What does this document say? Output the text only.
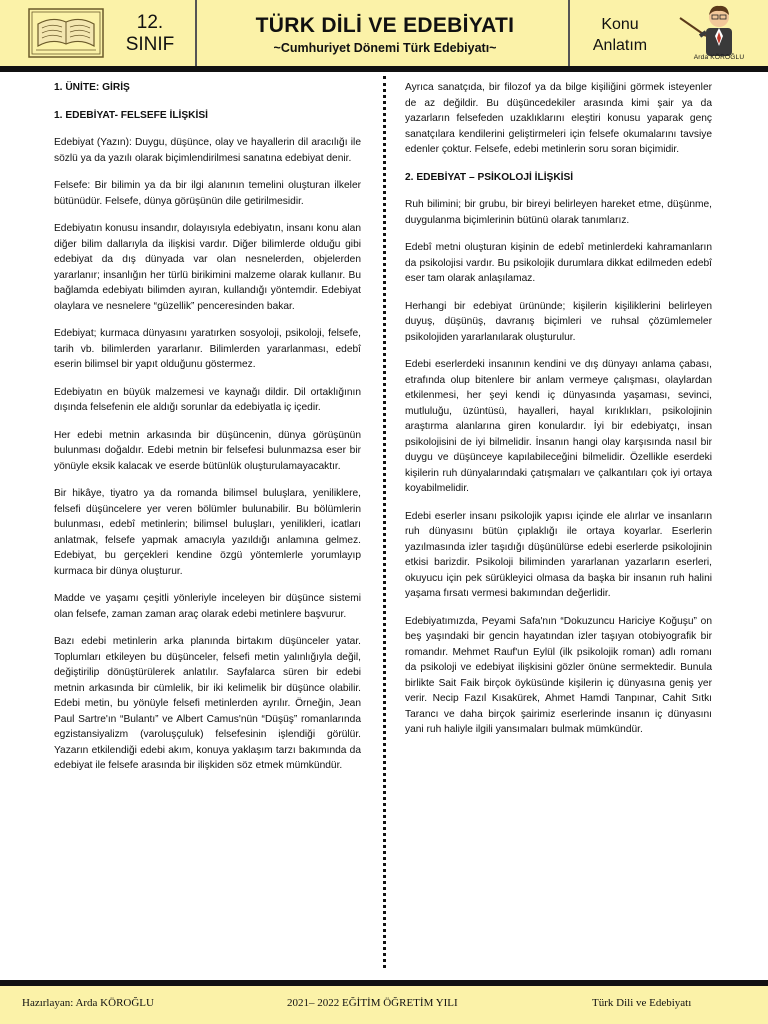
12.
SINIF
TÜRK DİLİ VE EDEBİYATI
~Cumhuriyet Dönemi Türk Edebiyatı~
Konu
Anlatım
Arda KÖROĞLU
1. ÜNİTE: GİRİŞ
1. EDEBİYAT- FELSEFE İLİŞKİSİ

Edebiyat (Yazın): Duygu, düşünce, olay ve hayallerin dil aracılığı ile sözlü ya da yazılı olarak biçimlendirilmesi sanatına edebiyat denir.

Felsefe: Bir bilimin ya da bir ilgi alanının temelini oluşturan ilkeler bütünüdür. Felsefe, dünya görüşünün dile getirilmesidir.

Edebiyatın konusu insandır, dolayısıyla edebiyatın, insanı konu alan diğer bilim dallarıyla da ilişkisi vardır. Diğer bilimlerde olduğu gibi edebiyat da dış dünyada var olan nesnelerden, objelerden yararlanır; insanlığın her türlü birikimini malzeme olarak kullanır. Bu bağlamda edebiyatı bilimden ayıran, kullandığı yöntemdir. Edebiyat olaylara ve nesnelere “güzellik” penceresinden bakar.

Edebiyat; kurmaca dünyasını yaratırken sosyoloji, psikoloji, felsefe, tarih vb. bilimlerden yararlanır. Bilimlerden yararlanması, edebî eserin bilimsel bir yapıt olduğunu göstermez.

Edebiyatın en büyük malzemesi ve kaynağı dildir. Dil ortaklığının dışında felsefenin ele aldığı sorunlar da edebiyatla iç içedir.

Her edebi metnin arkasında bir düşüncenin, dünya görüşünün bulunması doğaldır. Edebi metnin bir felsefesi bulunmazsa eser bir yönüyle eksik kalacak ve eserde bütünlük oluşturulamayacaktır.

Bir hikâye, tiyatro ya da romanda bilimsel buluşlara, yeniliklere, felsefi düşüncelere yer veren bölümler bulunabilir. Bu bölümlerin bulunması, edebî metinlerin; bilimsel buluşları, yenilikleri, icatları anlatmak, felsefe yapmak amacıyla yazıldığı anlamına gelmez. Edebiyat, bu gerçekleri kendine özgü yöntemlerle yorumlayıp kurmaca bir dünya oluşturur.

Madde ve yaşamı çeşitli yönleriyle inceleyen bir düşünce sistemi olan felsefe, zaman zaman araç olarak edebi metinlere başvurur.

Bazı edebi metinlerin arka planında birtakım düşünceler yatar. Toplumları etkileyen bu düşünceler, felsefi metin yalınlığıyla değil, değiştirilip dönüştürülerek anlatılır. Sayfalarca süren bir edebi metnin arkasında bir cümlelik, bir iki kelimelik bir düşünce olabilir. Edebi metin, bu yönüyle felsefi metinlerden ayrılır. Örneğin, Jean Paul Sartre'ın “Bulantı” ve Albert Camus'nün “Düşüş” romanlarında egzistansiyalizm (varoluşçuluk) felsefesinin işlendiği görülür. Yazarın etkilendiği edebi akım, konuya yaklaşım tarzı bakımında da edebiyat ile felsefe arasında bir ilişkiden söz etmek mümkündür.

Ayrıca sanatçıda, bir filozof ya da bilge kişiliğini görmek isteyenler de az değildir. Bu düşüncedekiler arasında kimi şair ya da yazarların felsefeden uzaklıklarını eleştiri konusu yaparak genç sanatçılara kendilerini geliştirmeleri için felsefe okumalarını tavsiye edenler çoktur. Felsefe, edebi metinlerin soru soran biçimidir.

2. EDEBİYAT – PSİKOLOJİ İLİŞKİSİ

Ruh bilimini; bir grubu, bir bireyi belirleyen hareket etme, düşünme, duygulanma biçimlerinin bütünü olarak tanımlarız.

Edebî metni oluşturan kişinin de edebî metinlerdeki kahramanların da psikolojisi vardır. Bu psikolojik durumlara dikkat edilmeden edebî eser tam olarak anlaşılamaz.

Herhangi bir edebiyat ürününde; kişilerin kişiliklerini belirleyen duyuş, düşünüş, davranış biçimleri ve ruhsal çözümlemeler psikolojiden yararlanılarak oluşturulur.

Edebi eserlerdeki insanının kendini ve dış dünyayı anlama çabası, etrafında olup bitenlere bir anlam vermeye çalışması, olaylardan etkilenmesi, her şeyi kendi iç dünyasında yaşaması, sevinci, mutluluğu, üzüntüsü, hayalleri, hayal kırıklıkları, psikolojinin araştırma alanlarına giren konulardır. İyi bir edebiyatçı, insan psikolojisini de iyi bilmelidir. İnsanın hangi olay karşısında nasıl bir duygu ve düşünceye kapılabileceğini bilmelidir. Özellikle eserdeki kişilerin ruh dünyalarındaki çatışmaları ve çalkantıları çok iyi ortaya koyabilmelidir.

Edebi eserler insanı psikolojik yapısı içinde ele alırlar ve insanların ruh dünyasını bütün çıplaklığı ile ortaya koyarlar. Eserlerin yazılmasında izler taşıdığı düşünülürse edebi eserlerde psikolojinin etkisi barizdir. Psikoloji biliminden yararlanan yazarların eserleri, okuyucu için pek sürükleyici olmasa da başka bir insanın ruh halini yaşama fırsatı vermesi bakımından değerlidir.

Edebiyatımızda, Peyami Safa'nın “Dokuzuncu Hariciye Koğuşu” on beş yaşındaki bir gencin hayatından izler taşıyan otobiyografik bir romandır. Mehmet Rauf'un Eylül (ilk psikolojik roman) adlı romanı da psikoloji ve edebiyat ilişkisini gözler önüne sermektedir. Bunula birlikte Sait Faik birçok öyküsünde kişilerin iç dünyasına geniş yer verir. Necip Fazıl Kısakürek, Ahmet Hamdi Tanpınar, Cahit Sıtkı Tarancı ve daha birçok şairimiz eserlerinde insanın iç dünyasını yani ruh haliyle ilgili yansımaları bulmak mümkündür.

Hazırlayan: Arda KÖROĞLU	2021– 2022 EĞİTİM ÖĞRETİM YILI	Türk Dili ve Edebiyatı
